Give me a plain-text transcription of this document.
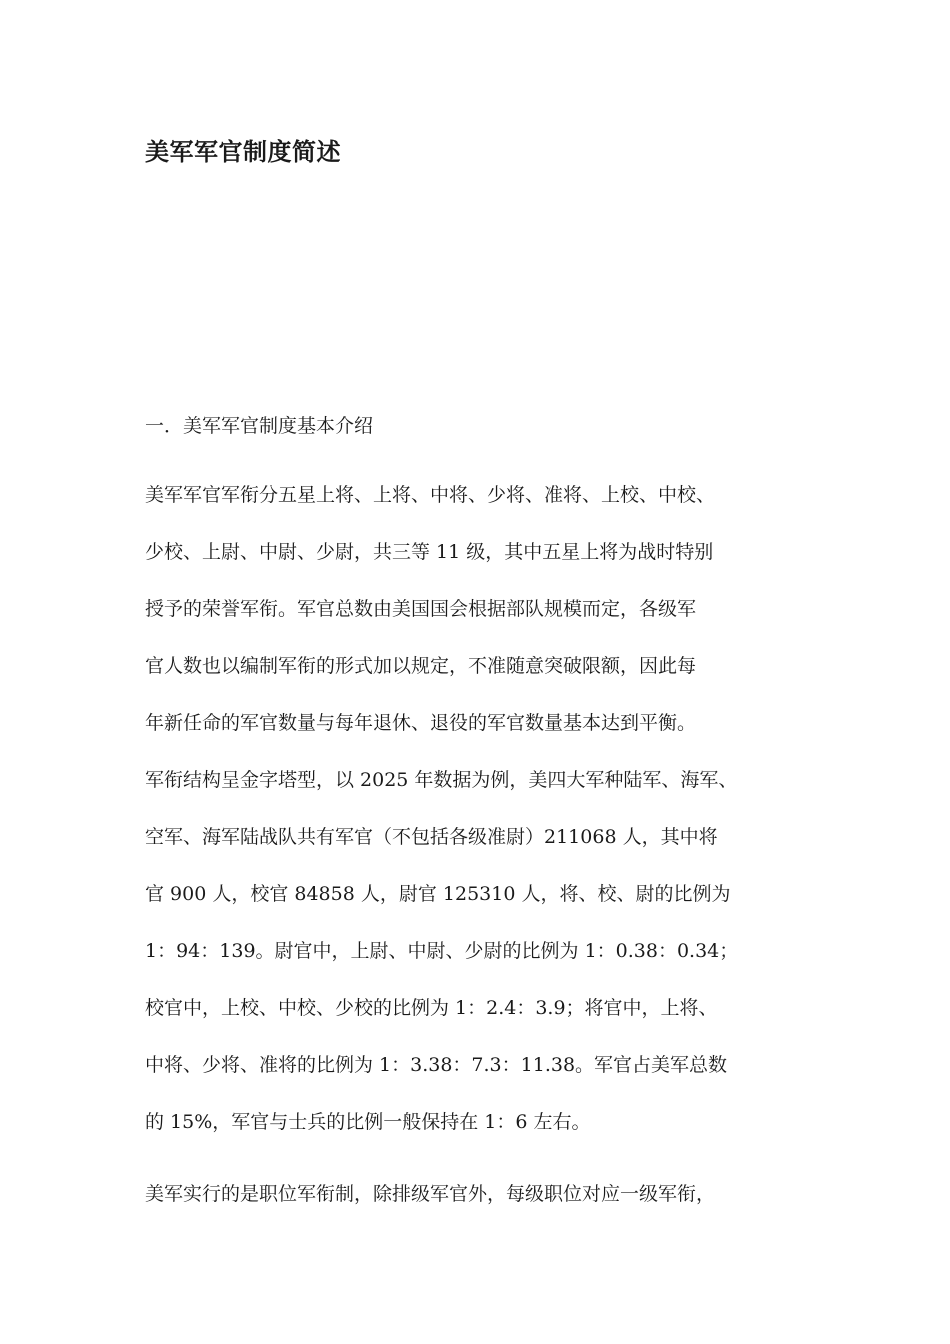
美军军官制度简述
一．美军军官制度基本介绍

美军军官军衔分五星上将、上将、中将、少将、准将、上校、中校、

少校、上尉、中尉、少尉，共三等 11 级，其中五星上将为战时特别

授予的荣誉军衔。军官总数由美国国会根据部队规模而定，各级军

官人数也以编制军衔的形式加以规定，不准随意突破限额，因此每

年新任命的军官数量与每年退休、退役的军官数量基本达到平衡。

军衔结构呈金字塔型，以 2025 年数据为例，美四大军种陆军、海军、

空军、海军陆战队共有军官（不包括各级准尉）211068 人，其中将

官 900 人，校官 84858 人，尉官 125310 人，将、校、尉的比例为

1：94：139。尉官中，上尉、中尉、少尉的比例为 1：0.38：0.34；

校官中，上校、中校、少校的比例为 1：2.4：3.9；将官中，上将、

中将、少将、准将的比例为 1：3.38：7.3：11.38。军官占美军总数

的 15%，军官与士兵的比例一般保持在 1：6 左右。

美军实行的是职位军衔制，除排级军官外，每级职位对应一级军衔，
